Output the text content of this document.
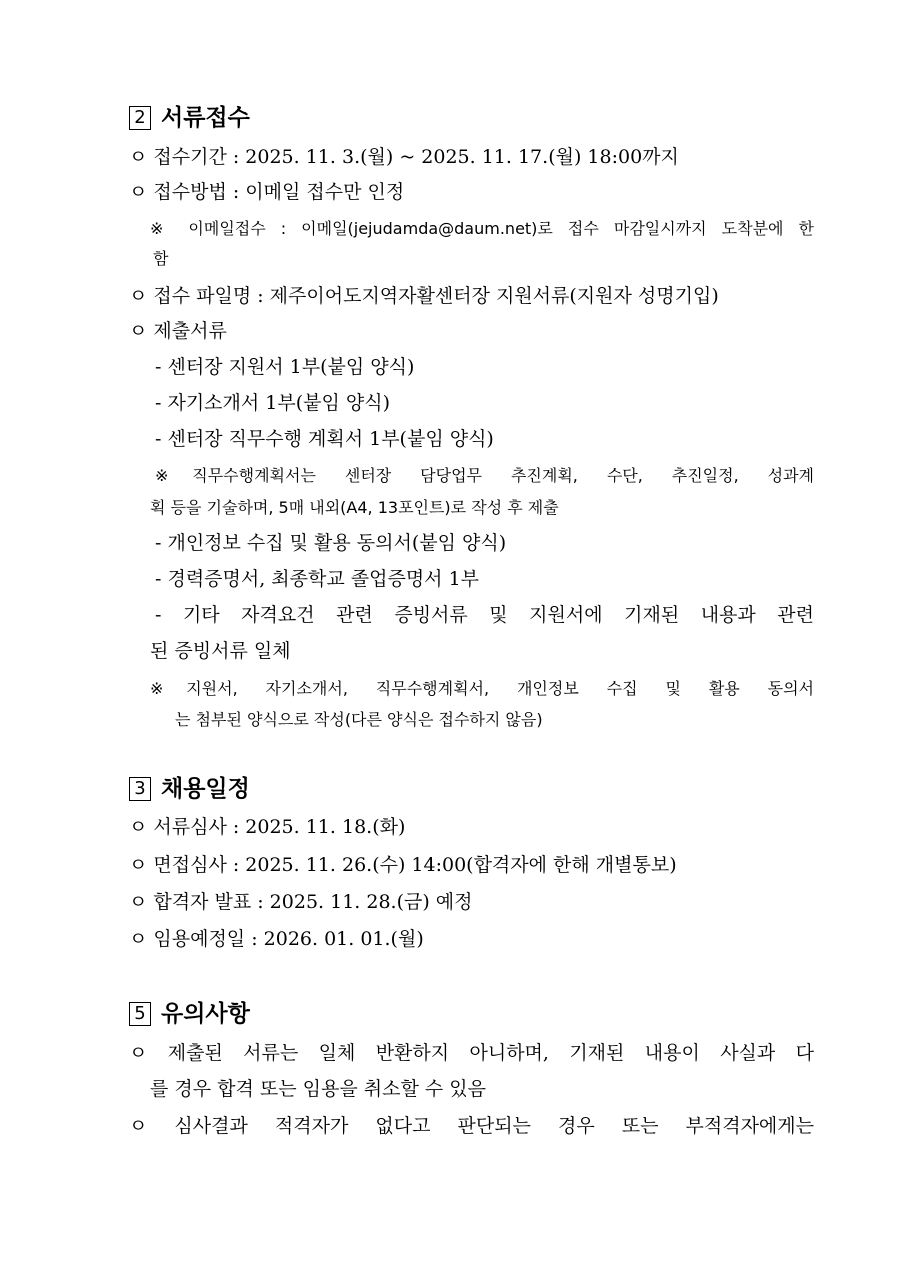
2 서류접수
ㅇ 접수기간 : 2025. 11. 3.(월) ~ 2025. 11. 17.(월) 18:00까지
ㅇ 접수방법 : 이메일 접수만 인정
※ 이메일접수 : 이메일(jejudamda@daum.net)로 접수 마감일시까지 도착분에 한
함
ㅇ 접수 파일명 : 제주이어도지역자활센터장 지원서류(지원자 성명기입)
ㅇ 제출서류
- 센터장 지원서 1부(붙임 양식)
- 자기소개서 1부(붙임 양식)
- 센터장 직무수행 계획서 1부(붙임 양식)
※직무수행계획서는 센터장 담당업무 추진계획, 수단, 추진일정, 성과계
획 등을 기술하며, 5매 내외(A4, 13포인트)로 작성 후 제출
- 개인정보 수집 및 활용 동의서(붙임 양식)
- 경력증명서, 최종학교 졸업증명서 1부
- 기타 자격요건 관련 증빙서류 및 지원서에 기재된 내용과 관련
된 증빙서류 일체
※지원서, 자기소개서, 직무수행계획서, 개인정보 수집 및 활용 동의서
는 첨부된 양식으로 작성(다른 양식은 접수하지 않음)
3 채용일정
ㅇ 서류심사 : 2025. 11. 18.(화)
ㅇ 면접심사 : 2025. 11. 26.(수) 14:00(합격자에 한해 개별통보)
ㅇ 합격자 발표 : 2025. 11. 28.(금) 예정
ㅇ 임용예정일 : 2026. 01. 01.(월)
5 유의사항
ㅇ 제출된 서류는 일체 반환하지 아니하며, 기재된 내용이 사실과 다
를 경우 합격 또는 임용을 취소할 수 있음
ㅇ 심사결과 적격자가 없다고 판단되는 경우 또는 부적격자에게는
